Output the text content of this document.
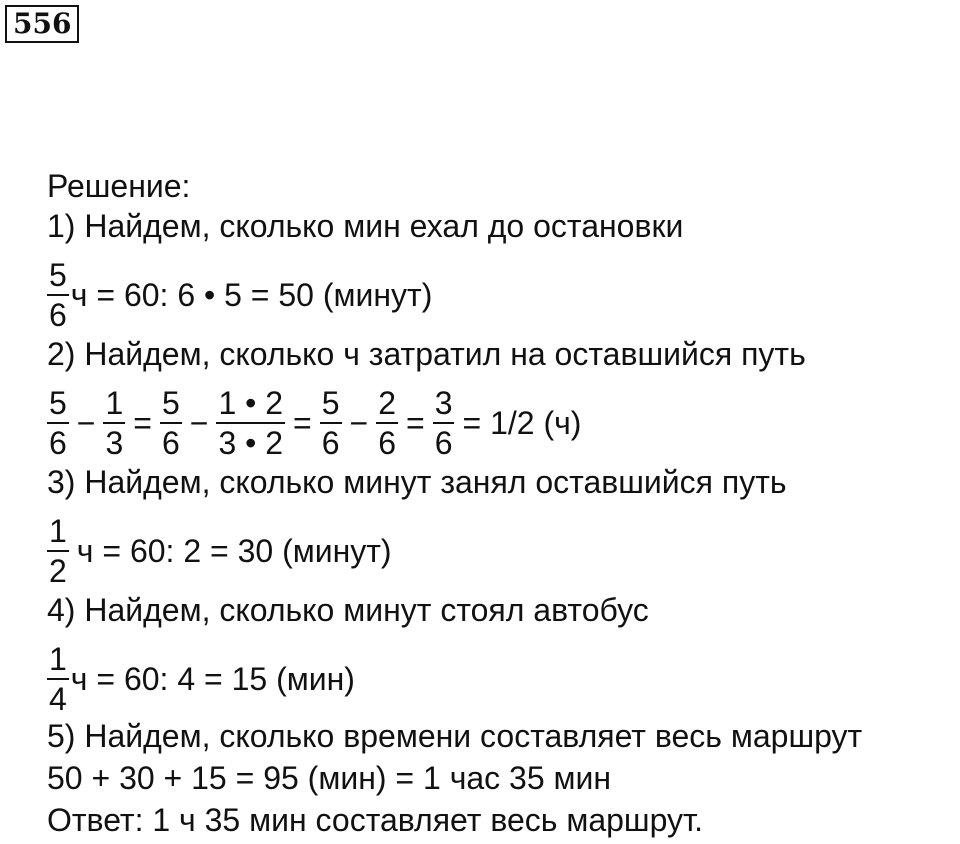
556
Решение:
1) Найдем, сколько мин ехал до остановки
$\frac{5}{6}$ ч = 60: 6 • 5 = 50 (минут)
2) Найдем, сколько ч затратил на оставшийся путь
$\frac{5}{6} - \frac{1}{3} = \frac{5}{6} - \frac{1 • 2}{3 • 2} = \frac{5}{6} - \frac{2}{6} = \frac{3}{6} = 1/2$ (ч)
3) Найдем, сколько минут занял оставшийся путь
$\frac{1}{2}$ ч = 60: 2 = 30 (минут)
4) Найдем, сколько минут стоял автобус
$\frac{1}{4}$ ч = 60: 4 = 15 (мин)
5) Найдем, сколько времени составляет весь маршрут
50 + 30 + 15 = 95 (мин) = 1 час 35 мин
Ответ: 1 ч 35 мин составляет весь маршрут.
